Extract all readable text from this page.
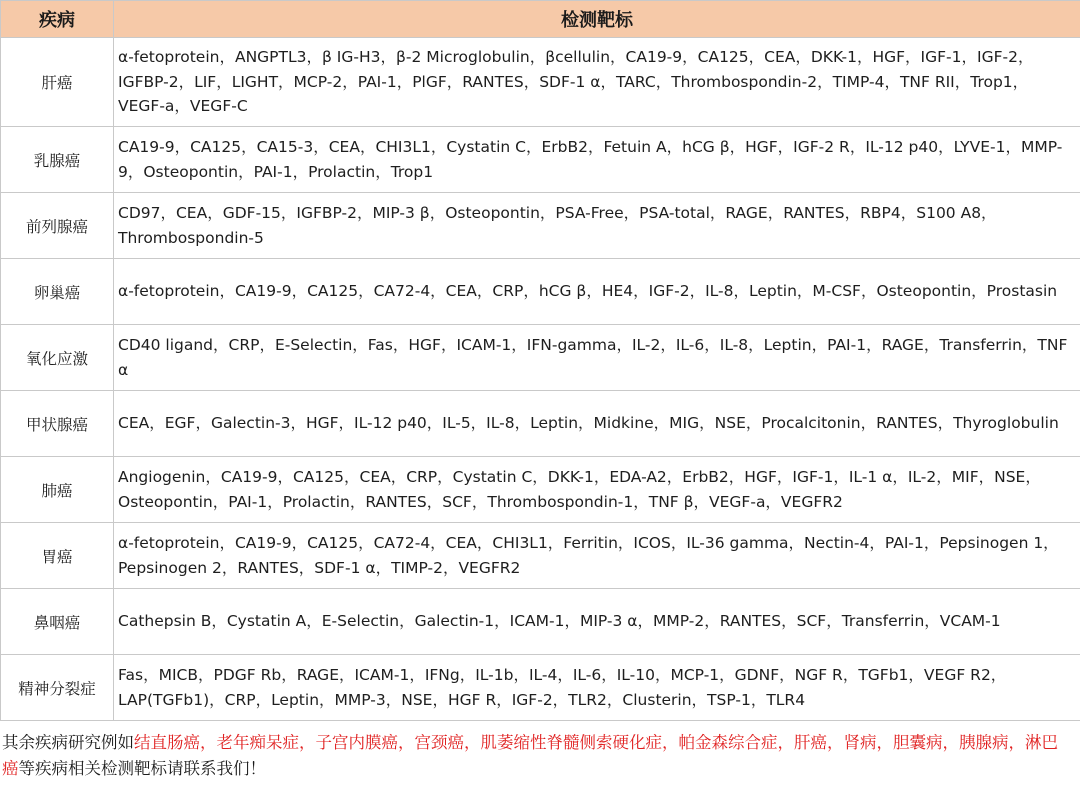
疾病	检测靶标
肝癌	α-fetoprotein，ANGPTL3，β IG-H3，β-2 Microglobulin，βcellulin，CA19-9，CA125，CEA，DKK-1，HGF，IGF-1，IGF-2，IGFBP-2，LIF，LIGHT，MCP-2，PAI-1，PlGF，RANTES，SDF-1 α，TARC，Thrombospondin-2，TIMP-4，TNF RII，Trop1，VEGF-a，VEGF-C
乳腺癌	CA19-9，CA125，CA15-3，CEA，CHI3L1，Cystatin C，ErbB2，Fetuin A，hCG β，HGF，IGF-2 R，IL-12 p40，LYVE-1，MMP-9，Osteopontin，PAI-1，Prolactin，Trop1
前列腺癌	CD97，CEA，GDF-15，IGFBP-2，MIP-3 β，Osteopontin，PSA-Free，PSA-total，RAGE，RANTES，RBP4，S100 A8，Thrombospondin-5
卵巢癌	α-fetoprotein，CA19-9，CA125，CA72-4，CEA，CRP，hCG β，HE4，IGF-2，IL-8，Leptin，M-CSF，Osteopontin，Prostasin
氧化应激	CD40 ligand，CRP，E-Selectin，Fas，HGF，ICAM-1，IFN-gamma，IL-2，IL-6，IL-8，Leptin，PAI-1，RAGE，Transferrin，TNF α
甲状腺癌	CEA，EGF，Galectin-3，HGF，IL-12 p40，IL-5，IL-8，Leptin，Midkine，MIG，NSE，Procalcitonin，RANTES，Thyroglobulin
肺癌	Angiogenin，CA19-9，CA125，CEA，CRP，Cystatin C，DKK-1，EDA-A2，ErbB2，HGF，IGF-1，IL-1 α，IL-2，MIF，NSE，Osteopontin，PAI-1，Prolactin，RANTES，SCF，Thrombospondin-1，TNF β，VEGF-a，VEGFR2
胃癌	α-fetoprotein，CA19-9，CA125，CA72-4，CEA，CHI3L1，Ferritin，ICOS，IL-36 gamma，Nectin-4，PAI-1，Pepsinogen 1，Pepsinogen 2，RANTES，SDF-1 α，TIMP-2，VEGFR2
鼻咽癌	Cathepsin B，Cystatin A，E-Selectin，Galectin-1，ICAM-1，MIP-3 α，MMP-2，RANTES，SCF，Transferrin，VCAM-1
精神分裂症	Fas，MICB，PDGF Rb，RAGE，ICAM-1，IFNg，IL-1b，IL-4，IL-6，IL-10，MCP-1，GDNF，NGF R，TGFb1，VEGF R2，LAP(TGFb1)，CRP，Leptin，MMP-3，NSE，HGF R，IGF-2，TLR2，Clusterin，TSP-1，TLR4
其余疾病研究例如结直肠癌，老年痴呆症，子宫内膜癌，宫颈癌，肌萎缩性脊髓侧索硬化症，帕金森综合症，肝癌，肾病，胆囊病，胰腺病，淋巴癌等疾病相关检测靶标请联系我们！
